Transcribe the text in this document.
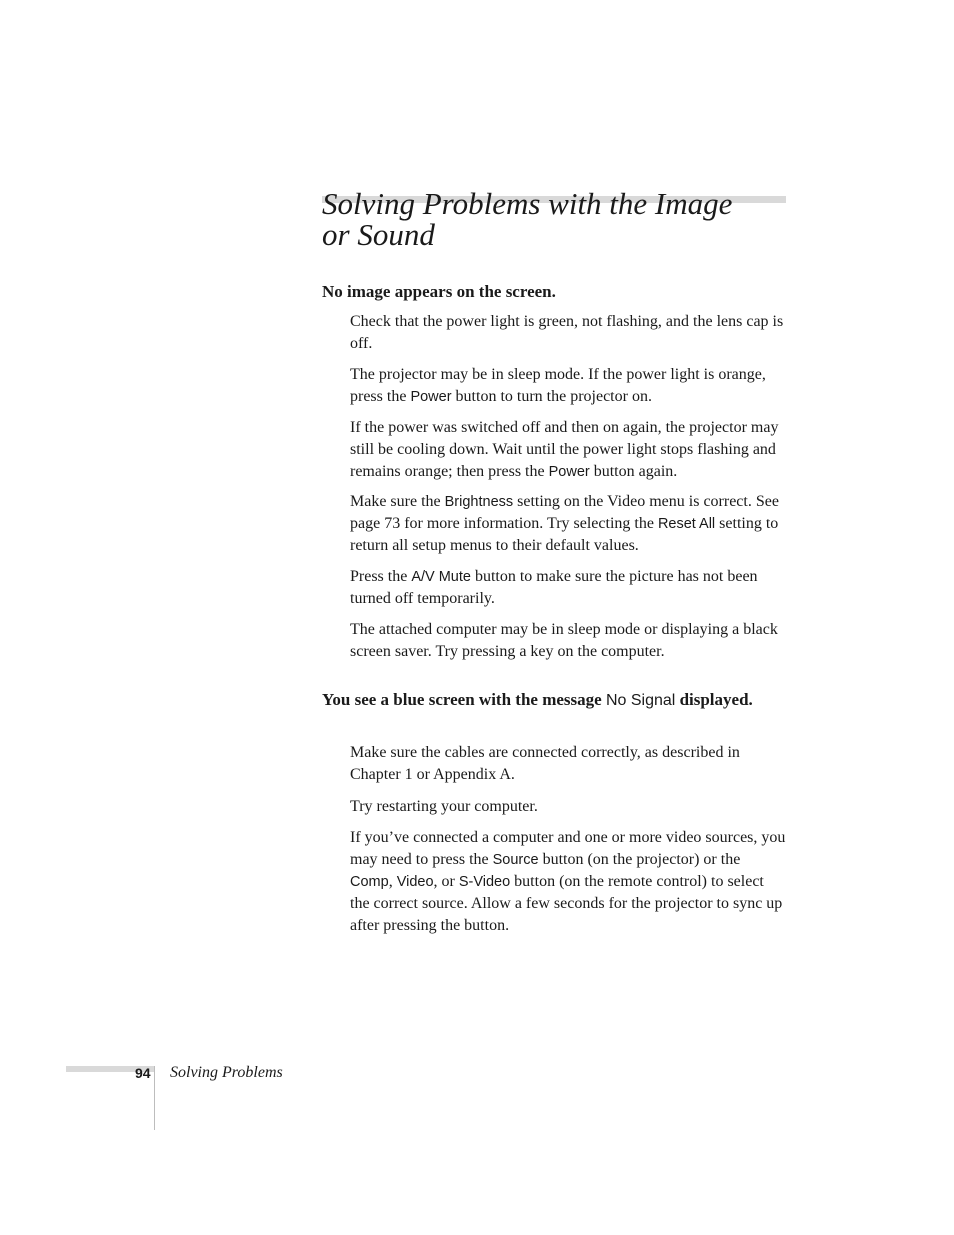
Solving Problems with the Image or Sound
No image appears on the screen.

Check that the power light is green, not flashing, and the lens cap is off.

The projector may be in sleep mode. If the power light is orange, press the Power button to turn the projector on.

If the power was switched off and then on again, the projector may still be cooling down. Wait until the power light stops flashing and remains orange; then press the Power button again.

Make sure the Brightness setting on the Video menu is correct. See page 73 for more information. Try selecting the Reset All setting to return all setup menus to their default values.

Press the A/V Mute button to make sure the picture has not been turned off temporarily.

The attached computer may be in sleep mode or displaying a black screen saver. Try pressing a key on the computer.

You see a blue screen with the message No Signal displayed.

Make sure the cables are connected correctly, as described in Chapter 1 or Appendix A.

Try restarting your computer.

If you’ve connected a computer and one or more video sources, you may need to press the Source button (on the projector) or the Comp, Video, or S-Video button (on the remote control) to select the correct source. Allow a few seconds for the projector to sync up after pressing the button.

94 Solving Problems
